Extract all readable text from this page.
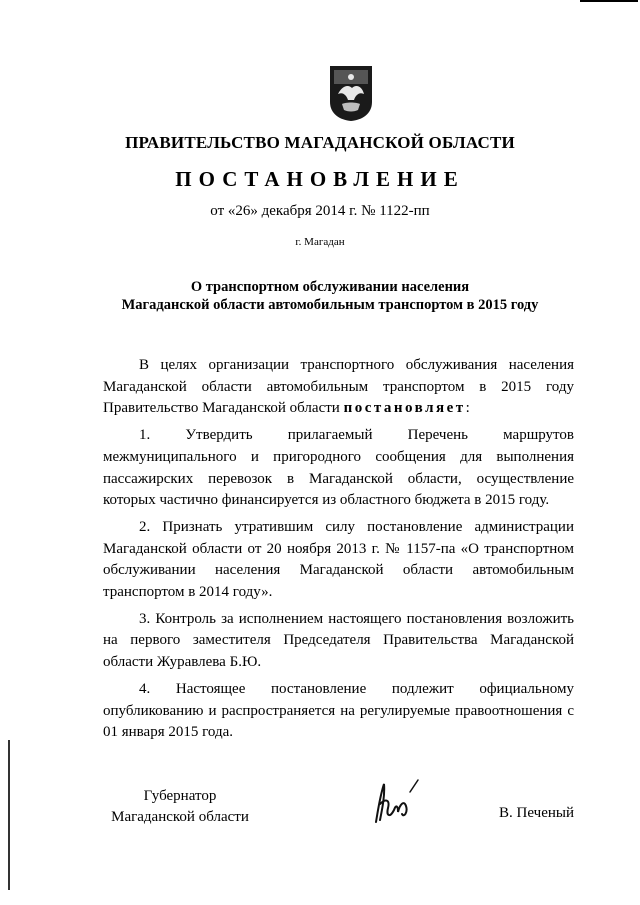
ПРАВИТЕЛЬСТВО МАГАДАНСКОЙ ОБЛАСТИ
ПОСТАНОВЛЕНИЕ
от «26» декабря 2014 г. № 1122-пп
г. Магадан
О транспортном обслуживании населения
Магаданской области автомобильным транспортом в 2015 году

В целях организации транспортного обслуживания населения Магаданской области автомобильным транспортом в 2015 году Правительство Магаданской области постановляет:

1. Утвердить прилагаемый Перечень маршрутов межмуниципального и пригородного сообщения для выполнения пассажирских перевозок в Магаданской области, осуществление которых частично финансируется из областного бюджета в 2015 году.

2. Признать утратившим силу постановление администрации Магаданской области от 20 ноября 2013 г. № 1157-па «О транспортном обслуживании населения Магаданской области автомобильным транспортом в 2014 году».

3. Контроль за исполнением настоящего постановления возложить на первого заместителя Председателя Правительства Магаданской области Журавлева Б.Ю.

4. Настоящее постановление подлежит официальному опубликованию и распространяется на регулируемые правоотношения с 01 января 2015 года.

Губернатор
Магаданской области	В. Печеный
